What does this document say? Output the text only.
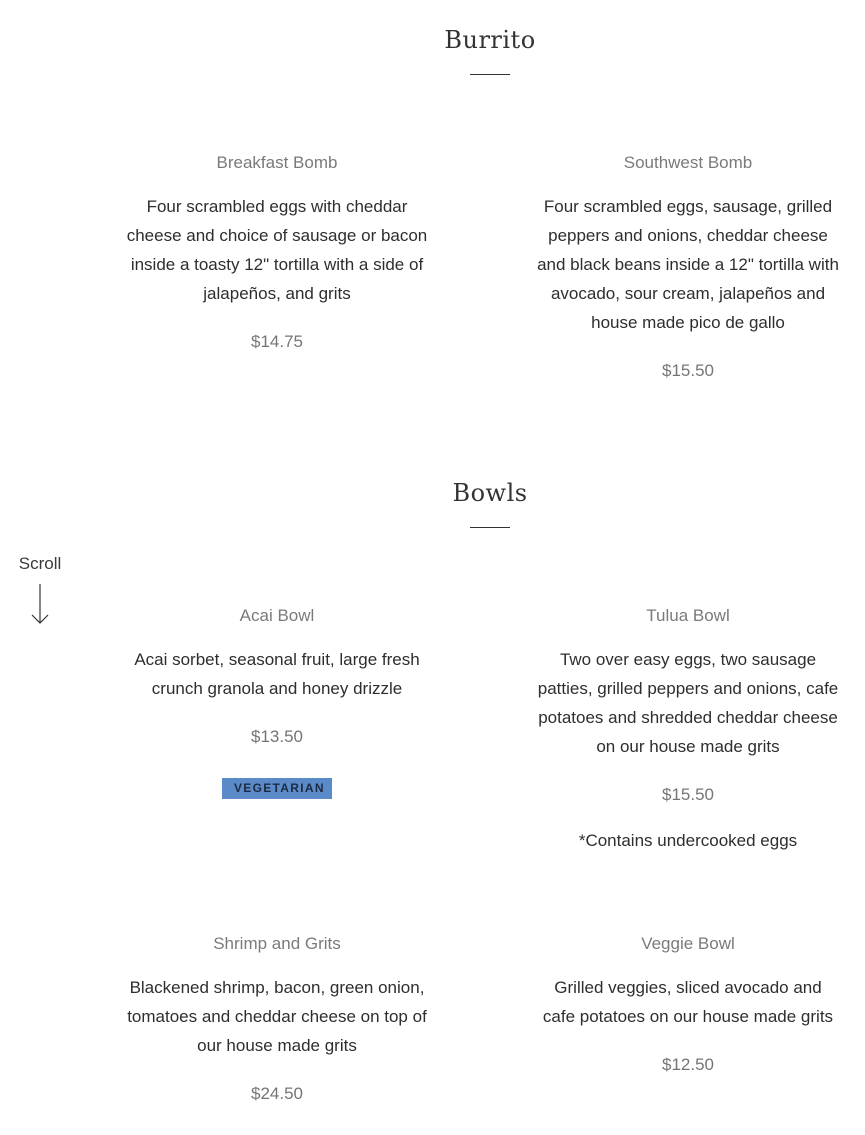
Burrito
Breakfast Bomb
Four scrambled eggs with cheddar cheese and choice of sausage or bacon inside a toasty 12" tortilla with a side of jalapeños, and grits
$14.75
Southwest Bomb
Four scrambled eggs, sausage, grilled peppers and onions, cheddar cheese and black beans inside a 12" tortilla with avocado, sour cream, jalapeños and house made pico de gallo
$15.50
Bowls
Scroll
Acai Bowl
Acai sorbet, seasonal fruit, large fresh crunch granola and honey drizzle
$13.50
VEGETARIAN
Tulua Bowl
Two over easy eggs, two sausage patties, grilled peppers and onions, cafe potatoes and shredded cheddar cheese on our house made grits
$15.50
*Contains undercooked eggs
Shrimp and Grits
Blackened shrimp, bacon, green onion, tomatoes and cheddar cheese on top of our house made grits
$24.50
Veggie Bowl
Grilled veggies, sliced avocado and cafe potatoes on our house made grits
$12.50
